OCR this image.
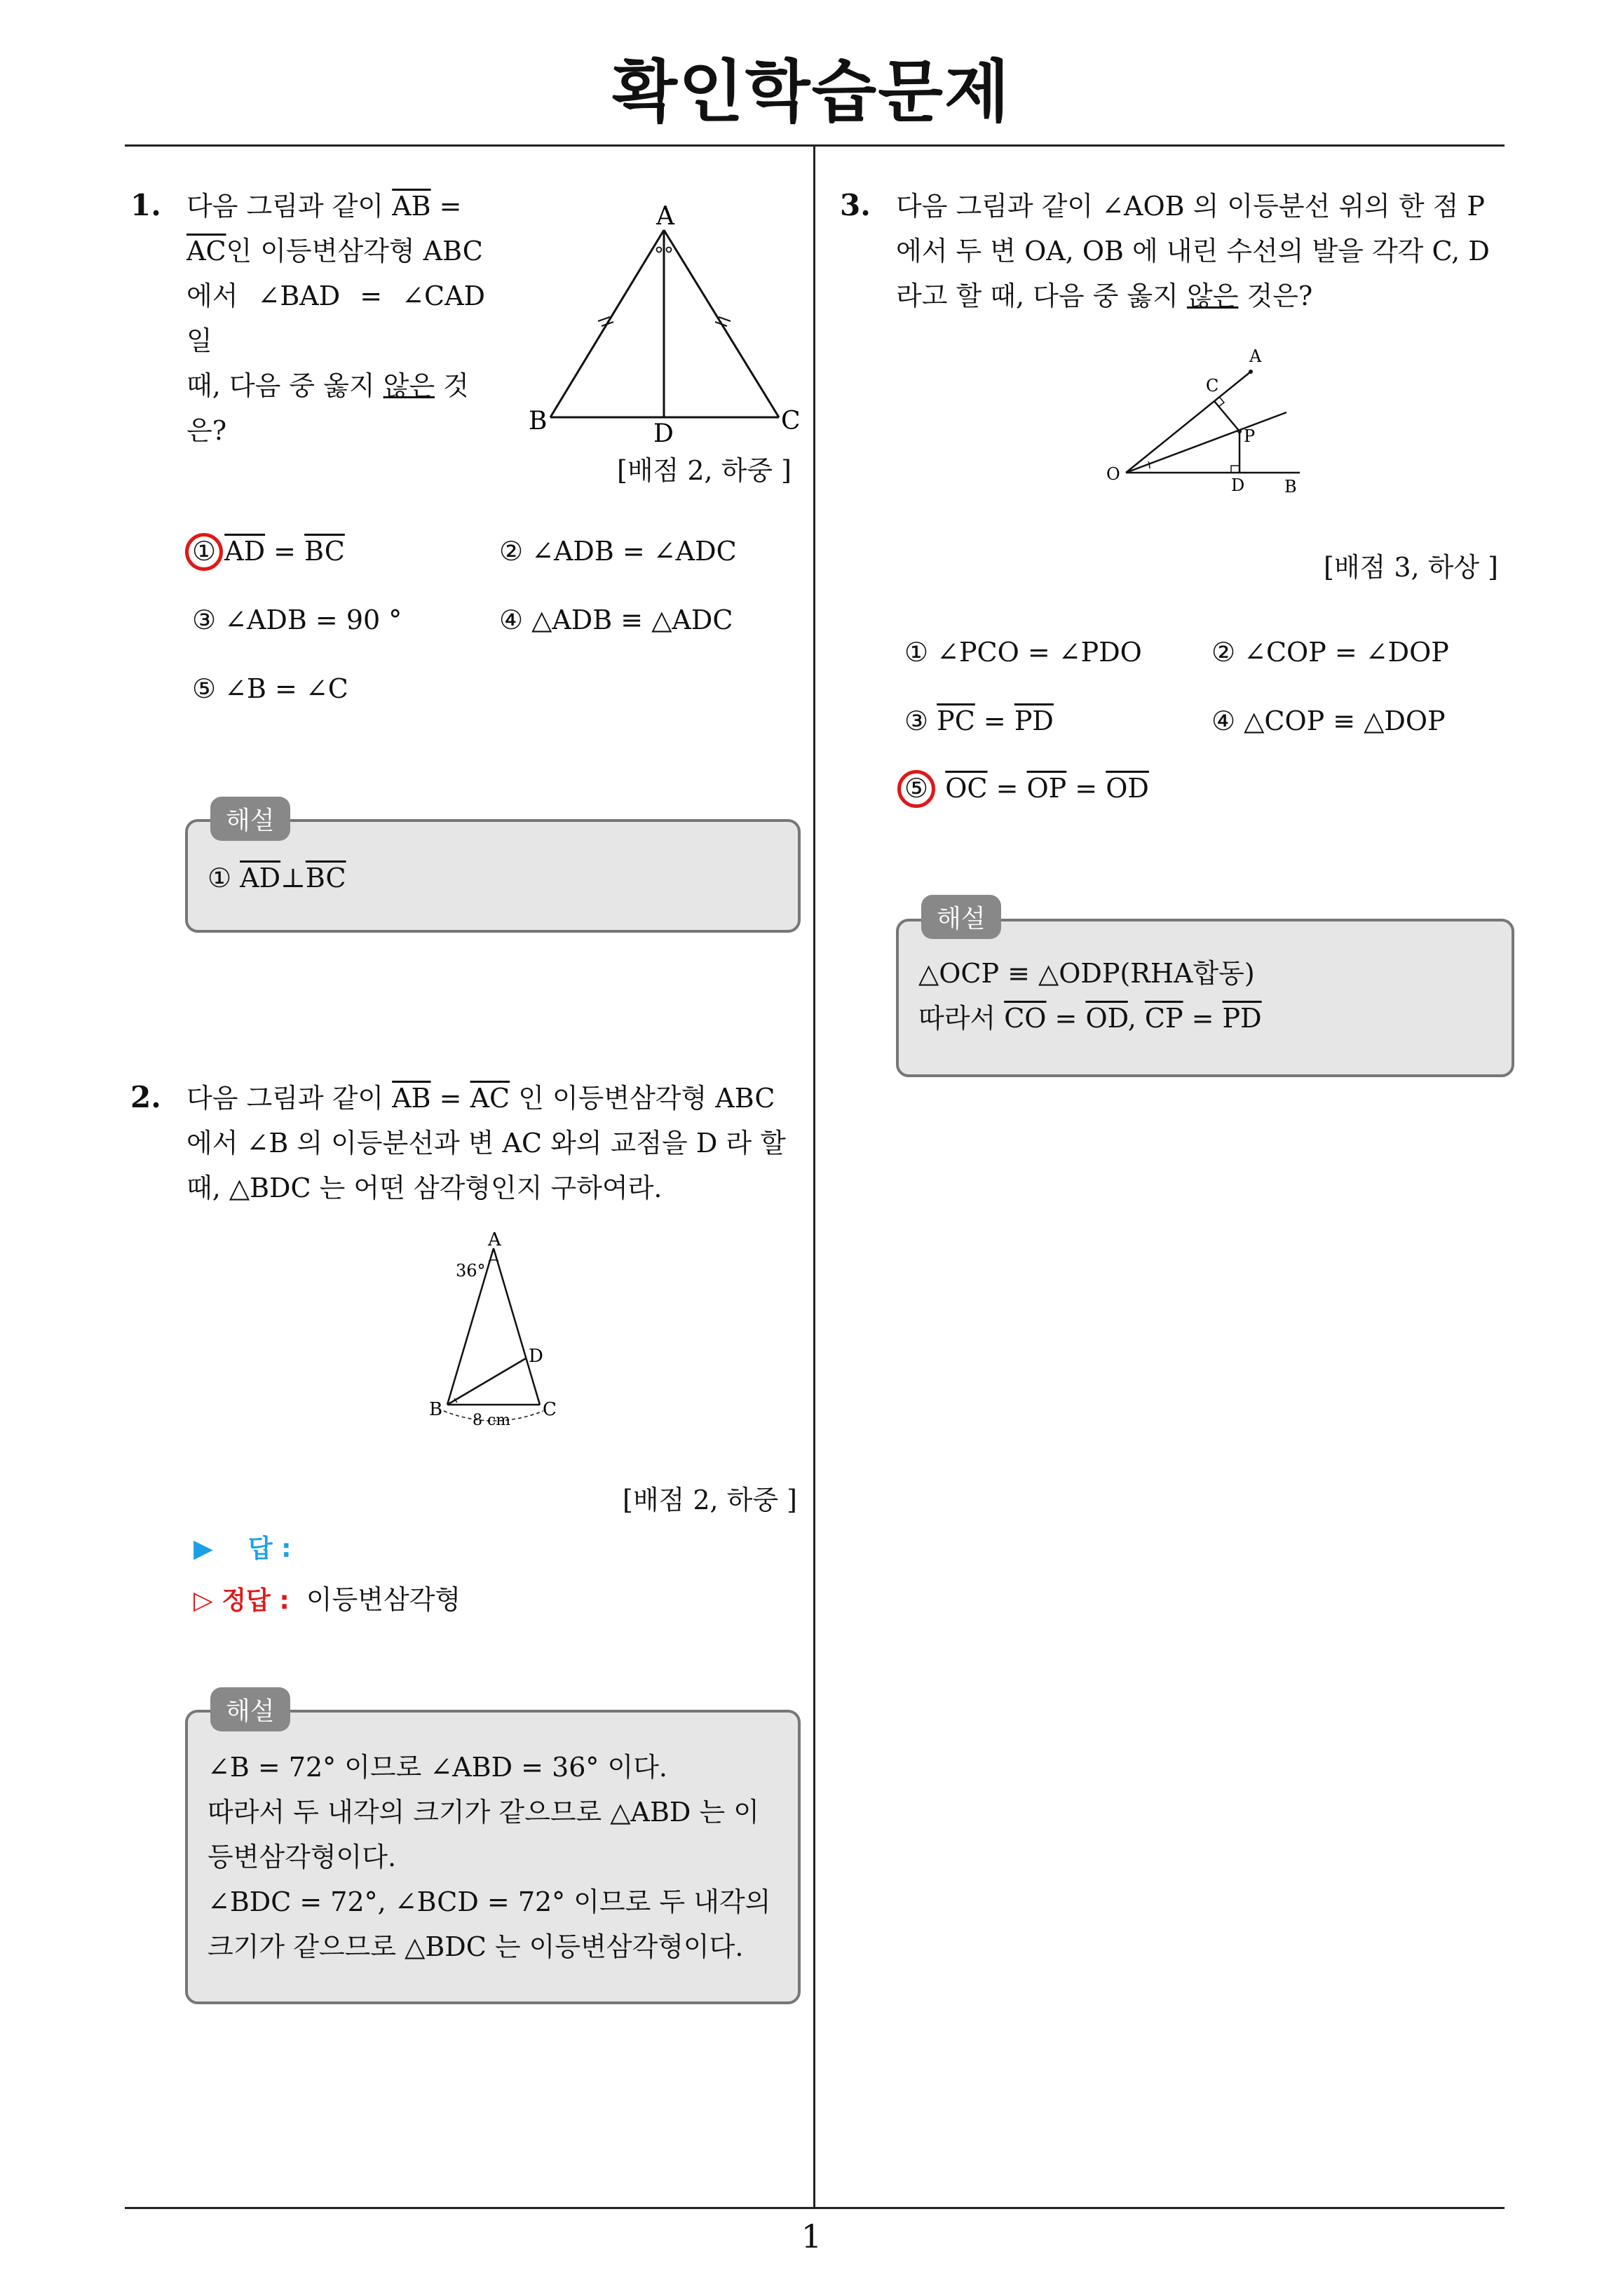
확인학습문제
1
1. 다음 그림과 같이 $\overline{AB}$ =
$\overline{AC}$인 이등변삼각형 ABC
에서 ∠BAD = ∠CAD 일
때, 다음 중 옳지 않은 것
은?
A
B	C
D
[배점 2, 하중 ]
① $\overline{AD} = \overline{BC}$	② ∠ADB = ∠ADC
③ ∠ADB = 90 °	④ △ADB ≡ △ADC
⑤ ∠B = ∠C
해설
① $\overline{AD}\perp\overline{BC}$
2. 다음 그림과 같이 $\overline{AB} = \overline{AC}$ 인 이등변삼각형 ABC
에서 ∠B 의 이등분선과 변 AC 와의 교점을 D 라 할
때, △BDC 는 어떤 삼각형인지 구하여라.
A
36°
D
B	C
8 cm
[배점 2, 하중 ]
▶ 답 :
▷ 정답 : 이등변삼각형
해설
∠B = 72° 이므로 ∠ABD = 36° 이다.
따라서 두 내각의 크기가 같으므로 △ABD 는 이
등변삼각형이다.
∠BDC = 72°, ∠BCD = 72° 이므로 두 내각의
크기가 같으므로 △BDC 는 이등변삼각형이다.
3. 다음 그림과 같이 ∠AOB 의 이등분선 위의 한 점 P
에서 두 변 OA, OB 에 내린 수선의 발을 각각 C, D
라고 할 때, 다음 중 옳지 않은 것은?
A
C
P
O
D B
[배점 3, 하상 ]
① ∠PCO = ∠PDO	② ∠COP = ∠DOP
③ $\overline{PC} = \overline{PD}$	④ △COP ≡ △DOP
⑤  $\overline{OC} = \overline{OP} = \overline{OD}$
해설
△OCP ≡ △ODP(RHA합동)
따라서 $\overline{CO} = \overline{OD}$, $\overline{CP} = \overline{PD}$
